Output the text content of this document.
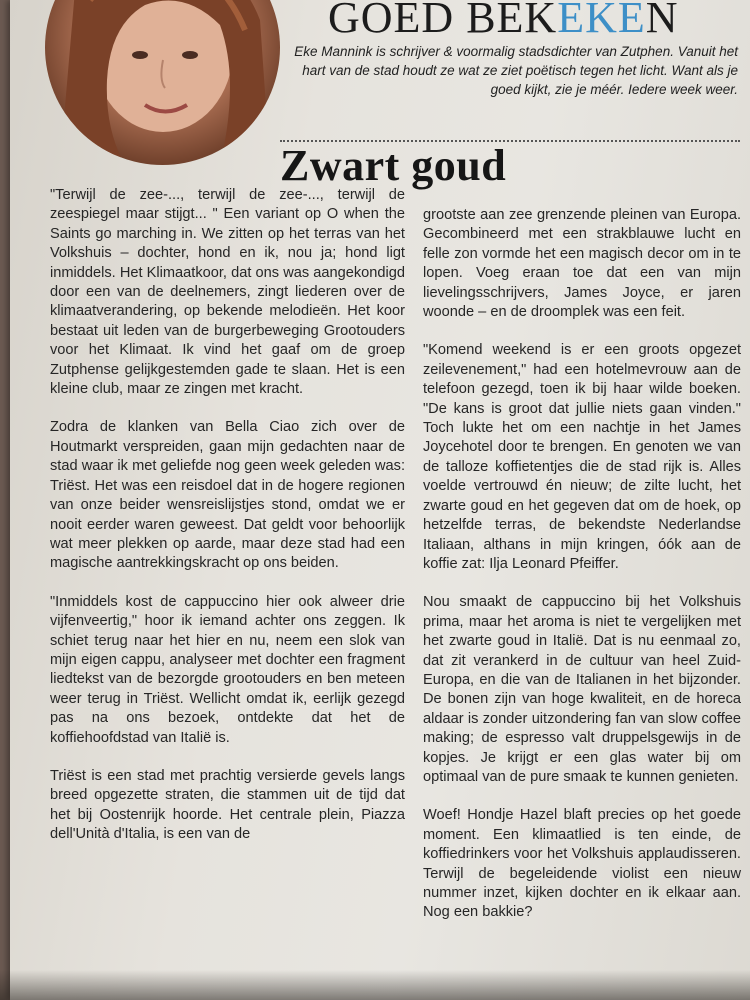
GOED BEKEKEN
Eke Mannink is schrijver & voormalig stadsdichter van Zutphen. Vanuit het hart van de stad houdt ze wat ze ziet poëtisch tegen het licht. Want als je goed kijkt, zie je méér. Iedere week weer.
Zwart goud

"Terwijl de zee-..., terwijl de zee-..., terwijl de zeespiegel maar stijgt... " Een variant op O when the Saints go marching in. We zitten op het terras van het Volkshuis – dochter, hond en ik, nou ja; hond ligt inmiddels. Het Klimaatkoor, dat ons was aangekondigd door een van de deelnemers, zingt liederen over de klimaatverandering, op bekende melodieën. Het koor bestaat uit leden van de burgerbeweging Grootouders voor het Klimaat. Ik vind het gaaf om de groep Zutphense gelijkgestemden gade te slaan. Het is een kleine club, maar ze zingen met kracht.

Zodra de klanken van Bella Ciao zich over de Houtmarkt verspreiden, gaan mijn gedachten naar de stad waar ik met geliefde nog geen week geleden was: Triëst. Het was een reisdoel dat in de hogere regionen van onze beider wensreislijstjes stond, omdat we er nooit eerder waren geweest. Dat geldt voor behoorlijk wat meer plekken op aarde, maar deze stad had een magische aantrekkingskracht op ons beiden.

"Inmiddels kost de cappuccino hier ook alweer drie vijfenveertig," hoor ik iemand achter ons zeggen. Ik schiet terug naar het hier en nu, neem een slok van mijn eigen cappu, analyseer met dochter een fragment liedtekst van de bezorgde grootouders en ben meteen weer terug in Triëst. Wellicht omdat ik, eerlijk gezegd pas na ons bezoek, ontdekte dat het de koffiehoofdstad van Italië is.

Triëst is een stad met prachtig versierde gevels langs breed opgezette straten, die stammen uit de tijd dat het bij Oostenrijk hoorde. Het centrale plein, Piazza dell'Unità d'Italia, is een van de

grootste aan zee grenzende pleinen van Europa. Gecombineerd met een strakblauwe lucht en felle zon vormde het een magisch decor om in te lopen. Voeg eraan toe dat een van mijn lievelingsschrijvers, James Joyce, er jaren woonde – en de droomplek was een feit.

"Komend weekend is er een groots opgezet zeilevenement," had een hotelmevrouw aan de telefoon gezegd, toen ik bij haar wilde boeken. "De kans is groot dat jullie niets gaan vinden." Toch lukte het om een nachtje in het James Joycehotel door te brengen. En genoten we van de talloze koffietentjes die de stad rijk is. Alles voelde vertrouwd én nieuw; de zilte lucht, het zwarte goud en het gegeven dat om de hoek, op hetzelfde terras, de bekendste Nederlandse Italiaan, althans in mijn kringen, óók aan de koffie zat: Ilja Leonard Pfeiffer.

Nou smaakt de cappuccino bij het Volkshuis prima, maar het aroma is niet te vergelijken met het zwarte goud in Italië. Dat is nu eenmaal zo, dat zit verankerd in de cultuur van heel Zuid-Europa, en die van de Italianen in het bijzonder. De bonen zijn van hoge kwaliteit, en de horeca aldaar is zonder uitzondering fan van slow coffee making; de espresso valt druppelsgewijs in de kopjes. Je krijgt er een glas water bij om optimaal van de pure smaak te kunnen genieten.

Woef! Hondje Hazel blaft precies op het goede moment. Een klimaatlied is ten einde, de koffiedrinkers voor het Volkshuis applaudisseren. Terwijl de begeleidende violist een nieuw nummer inzet, kijken dochter en ik elkaar aan. Nog een bakkie?
